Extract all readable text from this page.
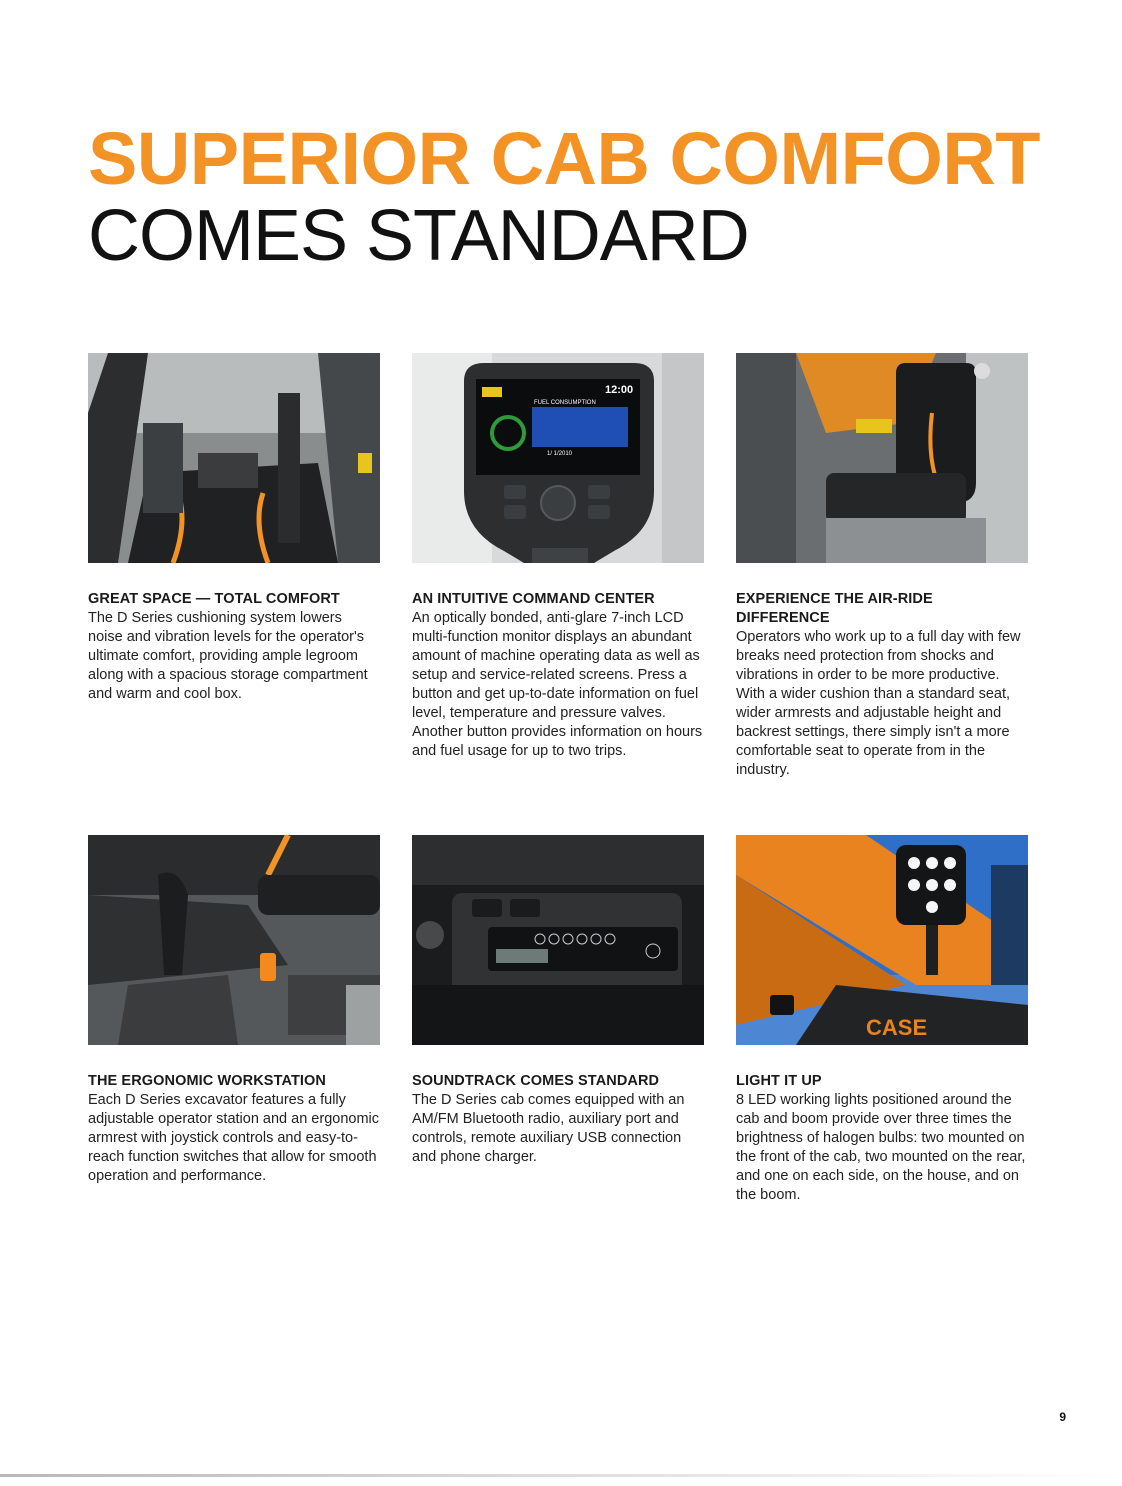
SUPERIOR CAB COMFORT
COMES STANDARD
GREAT SPACE — TOTAL COMFORT
The D Series cushioning system lowers noise and vibration levels for the operator's ultimate comfort, providing ample legroom along with a spacious storage compartment and warm and cool box.
12:00
FUEL CONSUMPTION
1/ 1/2010
AN INTUITIVE COMMAND CENTER
An optically bonded, anti-glare 7-inch LCD multi-function monitor displays an abundant amount of machine operating data as well as setup and service-related screens. Press a button and get up-to-date information on fuel level, temperature and pressure valves. Another button provides information on hours and fuel usage for up to two trips.
EXPERIENCE THE AIR-RIDE DIFFERENCE
Operators who work up to a full day with few breaks need protection from shocks and vibrations in order to be more productive. With a wider cushion than a standard seat, wider armrests and adjustable height and backrest settings, there simply isn't a more comfortable seat to operate from in the industry.
THE ERGONOMIC WORKSTATION
Each D Series excavator features a fully adjustable operator station and an ergonomic armrest with joystick controls and easy-to-reach function switches that allow for smooth operation and performance.
SOUNDTRACK COMES STANDARD
The D Series cab comes equipped with an AM/FM Bluetooth radio, auxiliary port and controls, remote auxiliary USB connection and phone charger.
CASE
LIGHT IT UP
8 LED working lights positioned around the cab and boom provide over three times the brightness of halogen bulbs: two mounted on the front of the cab, two mounted on the rear, and one on each side, on the house, and on the boom.
9
